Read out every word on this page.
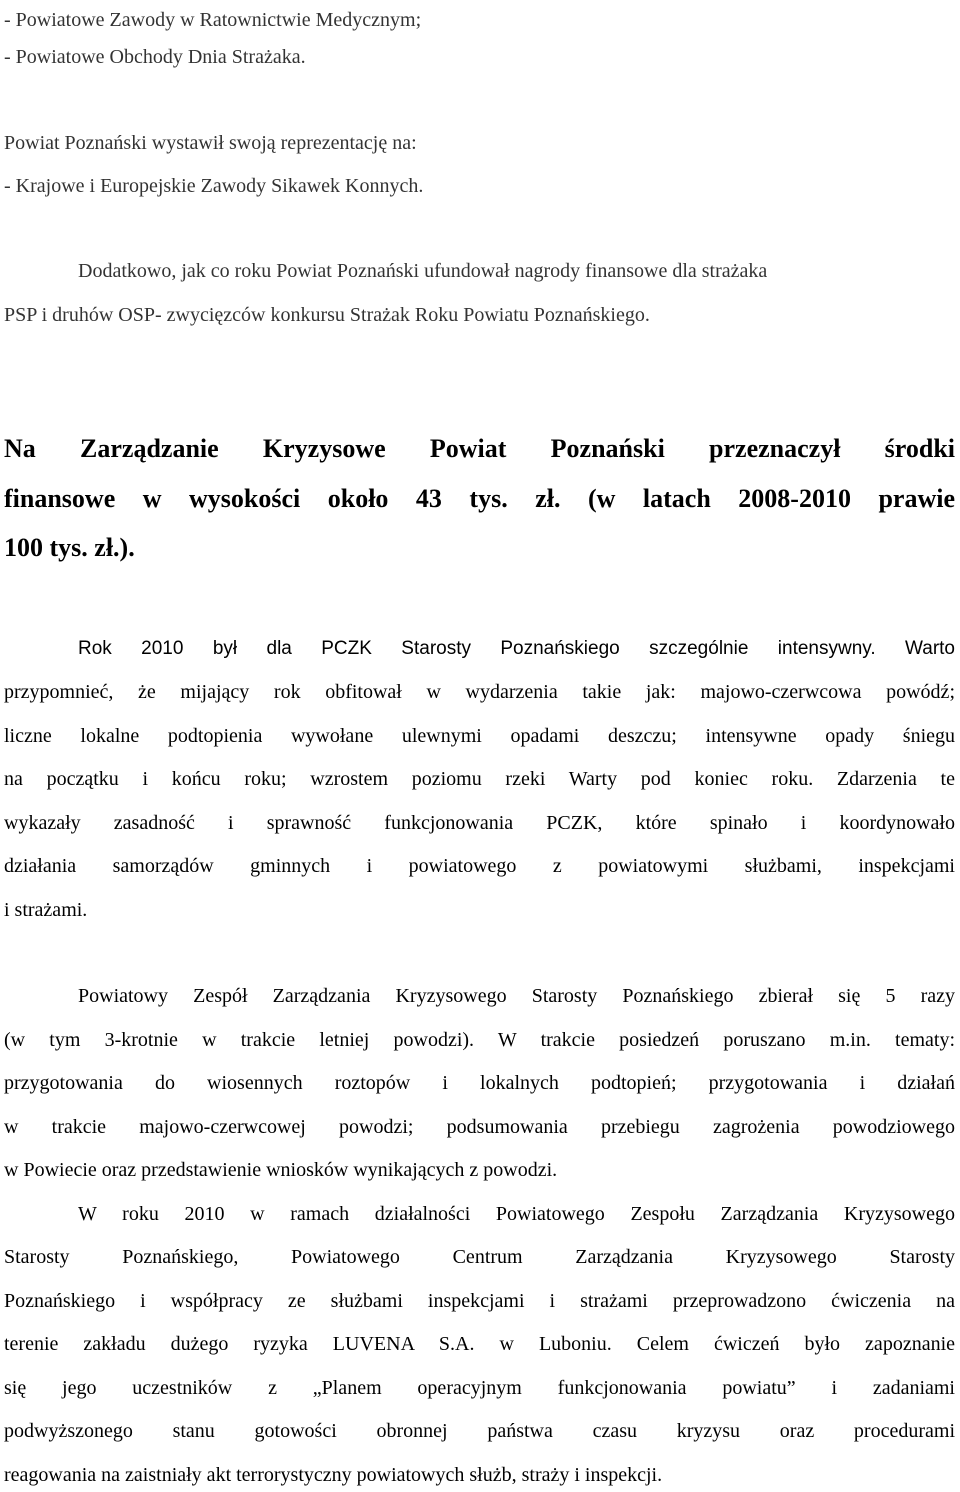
- Powiatowe Zawody w Ratownictwie Medycznym;
- Powiatowe Obchody Dnia Strażaka.
Powiat Poznański wystawił swoją reprezentację na:
- Krajowe i Europejskie Zawody Sikawek Konnych.
Dodatkowo, jak co roku Powiat Poznański ufundował nagrody finansowe dla strażaka
PSP i druhów OSP- zwycięzców konkursu Strażak Roku Powiatu Poznańskiego.
Na Zarządzanie Kryzysowe Powiat Poznański przeznaczył środki
finansowe w wysokości około 43 tys. zł. (w latach 2008-2010 prawie
100 tys. zł.).
Rok 2010 był dla PCZK Starosty Poznańskiego szczególnie intensywny. Warto
przypomnieć, że mijający rok obfitował w wydarzenia takie jak: majowo-czerwcowa powódź;
liczne lokalne podtopienia wywołane ulewnymi opadami deszczu; intensywne opady śniegu
na początku i końcu roku; wzrostem poziomu rzeki Warty pod koniec roku. Zdarzenia te
wykazały zasadność i sprawność funkcjonowania PCZK, które spinało i koordynowało
działania samorządów gminnych i powiatowego z powiatowymi służbami, inspekcjami
i strażami.
Powiatowy Zespół Zarządzania Kryzysowego Starosty Poznańskiego zbierał się 5 razy
(w tym 3-krotnie w trakcie letniej powodzi). W trakcie posiedzeń poruszano m.in. tematy:
przygotowania do wiosennych roztopów i lokalnych podtopień; przygotowania i działań
w trakcie majowo-czerwcowej powodzi; podsumowania przebiegu zagrożenia powodziowego
w Powiecie oraz przedstawienie wniosków wynikających z powodzi.
W roku 2010 w ramach działalności Powiatowego Zespołu Zarządzania Kryzysowego
Starosty Poznańskiego, Powiatowego Centrum Zarządzania Kryzysowego Starosty
Poznańskiego i współpracy ze służbami inspekcjami i strażami przeprowadzono ćwiczenia na
terenie zakładu dużego ryzyka LUVENA S.A. w Luboniu. Celem ćwiczeń było zapoznanie
się jego uczestników z „Planem operacyjnym funkcjonowania powiatu” i zadaniami
podwyższonego stanu gotowości obronnej państwa czasu kryzysu oraz procedurami
reagowania na zaistniały akt terrorystyczny powiatowych służb, straży i inspekcji.
